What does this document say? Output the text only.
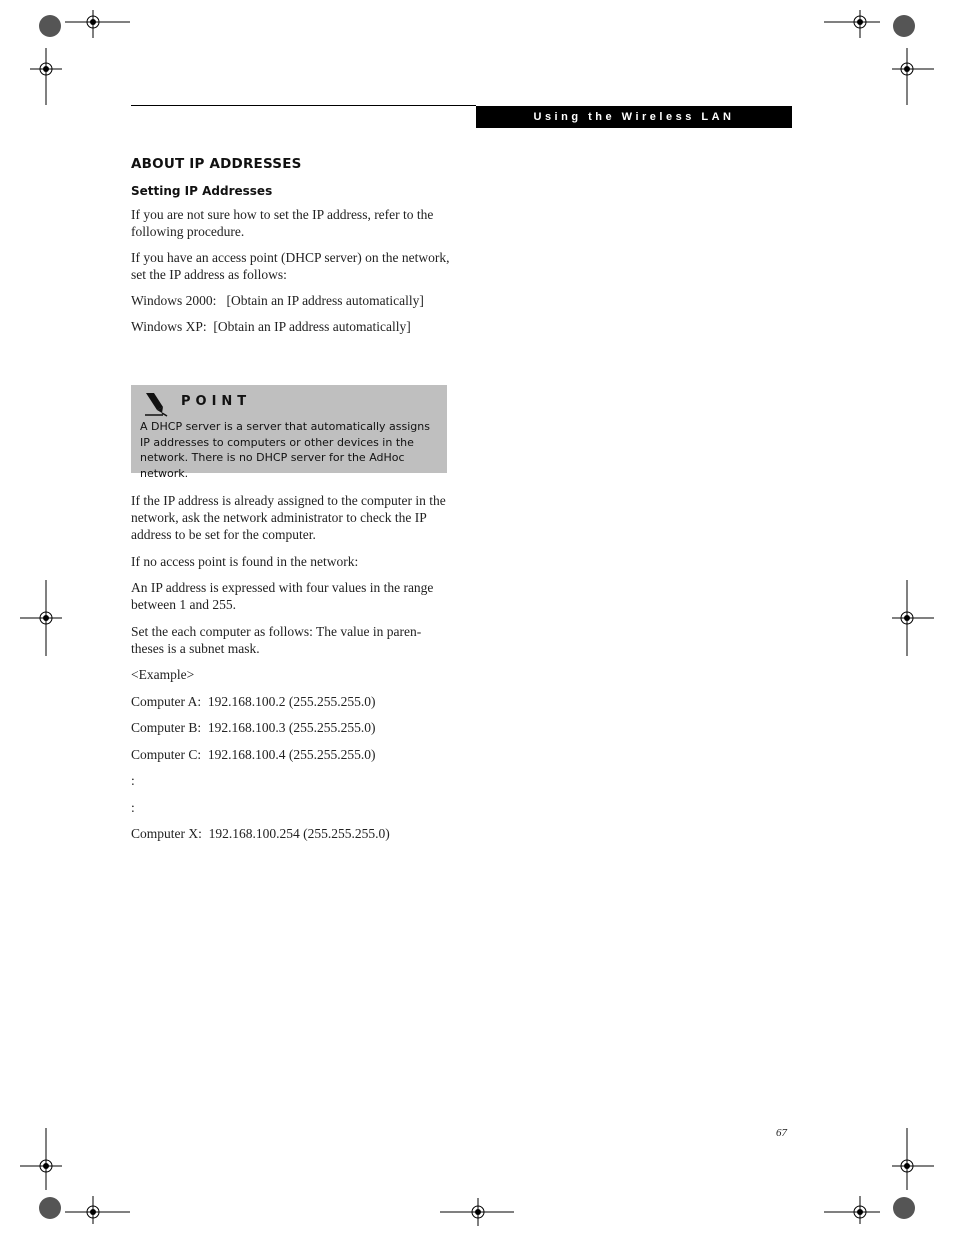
Using the Wireless LAN
ABOUT IP ADDRESSES
Setting IP Addresses
If you are not sure how to set the IP address, refer to the following procedure.
If you have an access point (DHCP server) on the network, set the IP address as follows:
Windows 2000:   [Obtain an IP address automatically]
Windows XP:  [Obtain an IP address automatically]
POINT
A DHCP server is a server that automatically assigns IP addresses to computers or other devices in the network. There is no DHCP server for the AdHoc network.
If the IP address is already assigned to the computer in the network, ask the network administrator to check the IP address to be set for the computer.
If no access point is found in the network:
An IP address is expressed with four values in the range between 1 and 255.
Set the each computer as follows: The value in paren-theses is a subnet mask.
<Example>
Computer A:  192.168.100.2 (255.255.255.0)
Computer B:  192.168.100.3 (255.255.255.0)
Computer C:  192.168.100.4 (255.255.255.0)
:
:
Computer X:  192.168.100.254 (255.255.255.0)
67
